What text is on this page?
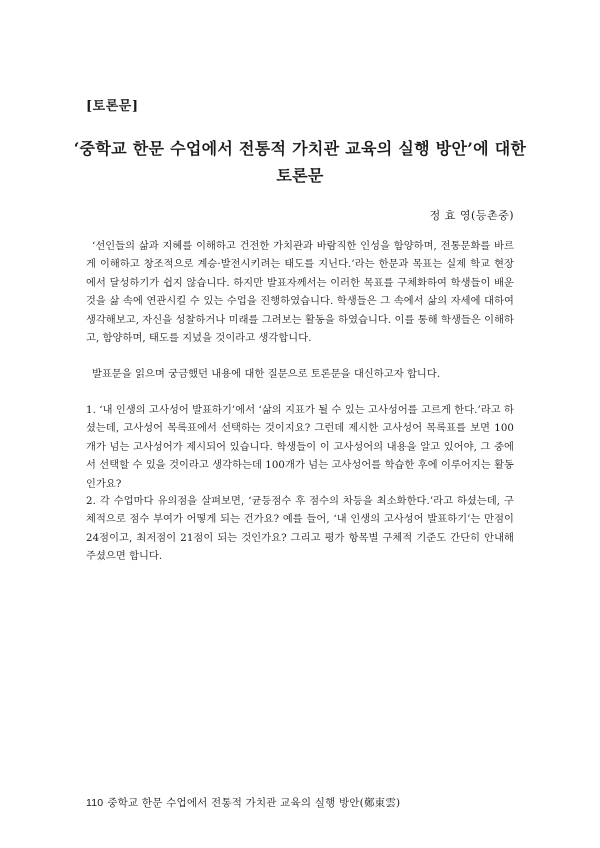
[토론문]
‘중학교 한문 수업에서 전통적 가치관 교육의 실행 방안’에 대한
토론문
정 효 영(등촌중)
‘선인들의 삶과 지혜를 이해하고 건전한 가치관과 바람직한 인성을 함양하며, 전통문화를 바르게 이해하고 창조적으로 계승·발전시키려는 태도를 지닌다.’라는 한문과 목표는 실제 학교 현장에서 달성하기가 쉽지 않습니다. 하지만 발표자께서는 이러한 목표를 구체화하여 학생들이 배운 것을 삶 속에 연관시킬 수 있는 수업을 진행하였습니다. 학생들은 그 속에서 삶의 자세에 대하여 생각해보고, 자신을 성찰하거나 미래를 그려보는 활동을 하였습니다. 이를 통해 학생들은 이해하고, 함양하며, 태도를 지녔을 것이라고 생각합니다.
발표문을 읽으며 궁금했던 내용에 대한 질문으로 토론문을 대신하고자 합니다.
1. ‘내 인생의 고사성어 발표하기’에서 ‘삶의 지표가 될 수 있는 고사성어를 고르게 한다.’라고 하셨는데, 고사성어 목록표에서 선택하는 것이지요? 그런데 제시한 고사성어 목록표를 보면 100개가 넘는 고사성어가 제시되어 있습니다. 학생들이 이 고사성어의 내용을 알고 있어야, 그 중에서 선택할 수 있을 것이라고 생각하는데 100개가 넘는 고사성어를 학습한 후에 이루어지는 활동인가요?
2. 각 수업마다 유의점을 살펴보면, ‘균등점수 후 점수의 차등을 최소화한다.’라고 하셨는데, 구체적으로 점수 부여가 어떻게 되는 건가요? 예를 들어, ‘내 인생의 고사성어 발표하기’는 만점이 24점이고, 최저점이 21점이 되는 것인가요? 그리고 평가 항목별 구체적 기준도 간단히 안내해주셨으면 합니다.
110 중학교 한문 수업에서 전통적 가치관 교육의 실행 방안(鄭東雲)
